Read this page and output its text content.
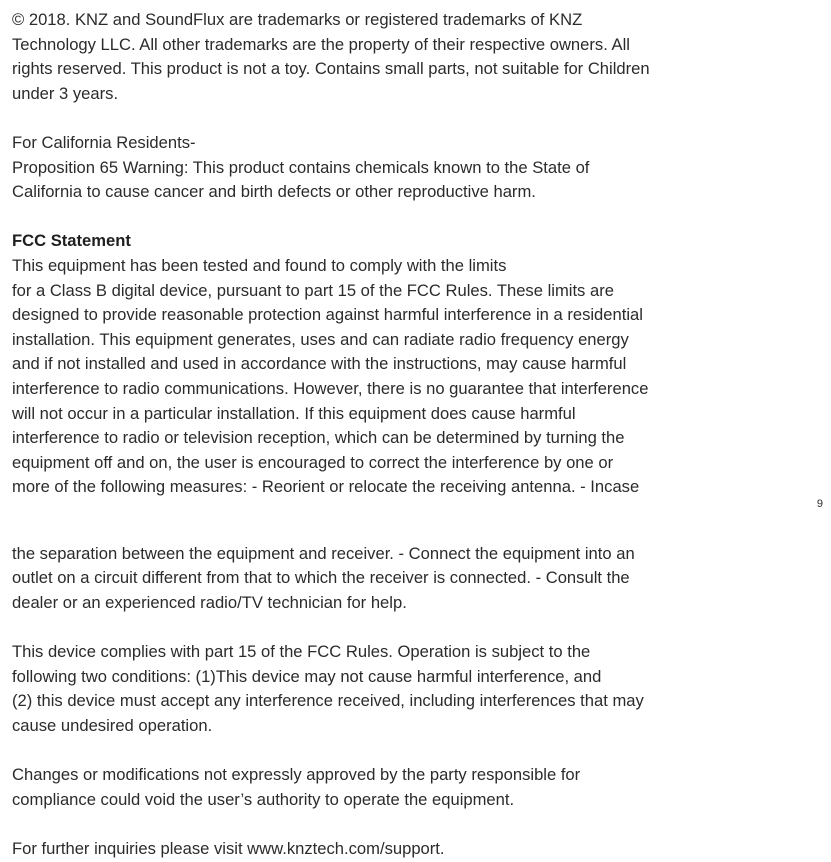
© 2018. KNZ and SoundFlux are trademarks or registered trademarks of KNZ
Technology LLC. All other trademarks are the property of their respective owners. All
rights reserved. This product is not a toy. Contains small parts, not suitable for Children
under 3 years.
For California Residents-
Proposition 65 Warning: This product contains chemicals known to the State of
California to cause cancer and birth defects or other reproductive harm.
FCC Statement
This equipment has been tested and found to comply with the limits
for a Class B digital device, pursuant to part 15 of the FCC Rules. These limits are
designed to provide reasonable protection against harmful interference in a residential
installation. This equipment generates, uses and can radiate radio frequency energy
and if not installed and used in accordance with the instructions, may cause harmful
interference to radio communications. However, there is no guarantee that interference
will not occur in a particular installation. If this equipment does cause harmful
interference to radio or television reception, which can be determined by turning the
equipment off and on, the user is encouraged to correct the interference by one or
more of the following measures: - Reorient or relocate the receiving antenna. - Incase
9
the separation between the equipment and receiver. - Connect the equipment into an
outlet on a circuit different from that to which the receiver is connected. - Consult the
dealer or an experienced radio/TV technician for help.
This device complies with part 15 of the FCC Rules. Operation is subject to the
following two conditions: (1)This device may not cause harmful interference, and
(2) this device must accept any interference received, including interferences that may
cause undesired operation.
Changes or modifications not expressly approved by the party responsible for
compliance could void the user’s authority to operate the equipment.
For further inquiries please visit www.knztech.com/support.
